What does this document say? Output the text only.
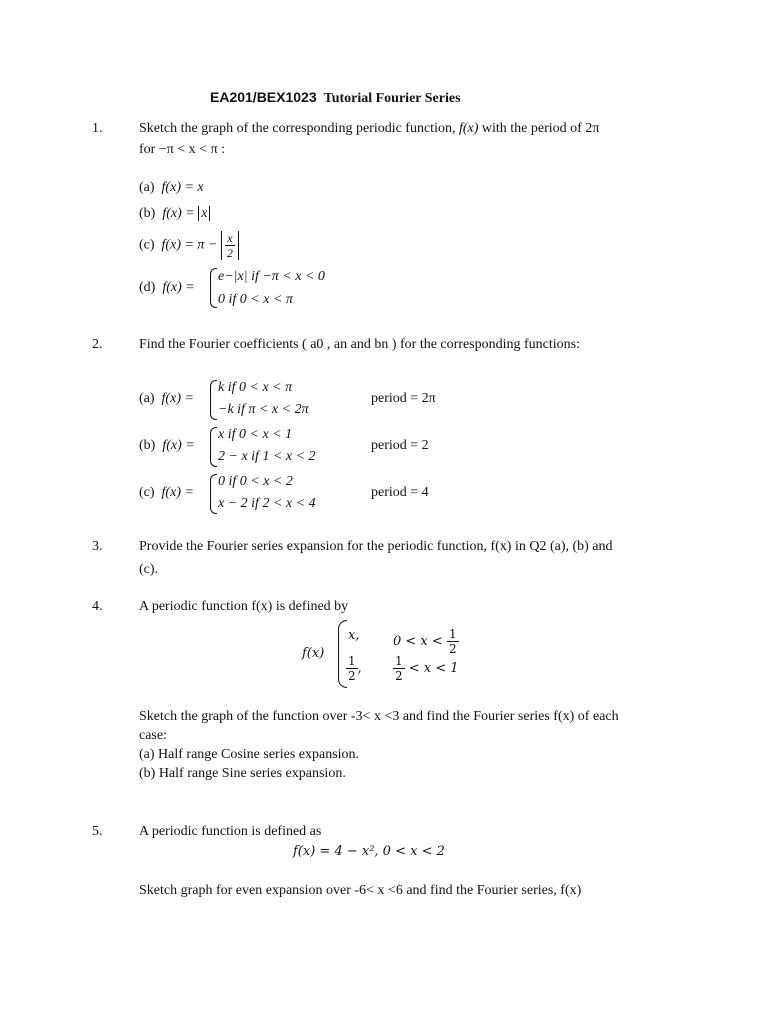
EA201/BEX1023 Tutorial Fourier Series
1.	Sketch the graph of the corresponding periodic function, f(x) with the period of 2π
for −π < x < π :
(a) f(x) = x
(b) f(x) = x
(c) $f(x) = \pi - \frac{x}{2}$
(d) f(x) =
e−|x| if −π < x < 0
0 if 0 < x < π
2.	Find the Fourier coefficients ( a0 , an and bn ) for the corresponding functions:
(a) f(x) =
k if 0 < x < π
−k if π < x < 2π
period = 2π
(b) f(x) =
x if 0 < x < 1
2 − x if 1 < x < 2
period = 2
(c) f(x) =
0 if 0 < x < 2
x − 2 if 2 < x < 4
period = 4
3.	Provide the Fourier series expansion for the periodic function, f(x) in Q2 (a), (b) and
(c).
4.	A periodic function f(x) is defined by
f(x)
x,	$0 < x < \frac{1}{2}$
$\frac{1}{2}$ ,	$\frac{1}{2} < x < 1$
Sketch the graph of the function over -3< x <3 and find the Fourier series f(x) of each
case:
(a) Half range Cosine series expansion.
(b) Half range Sine series expansion.
5.	A periodic function is defined as
f(x) = 4 − x², 0 < x < 2
Sketch graph for even expansion over -6< x <6 and find the Fourier series, f(x)
